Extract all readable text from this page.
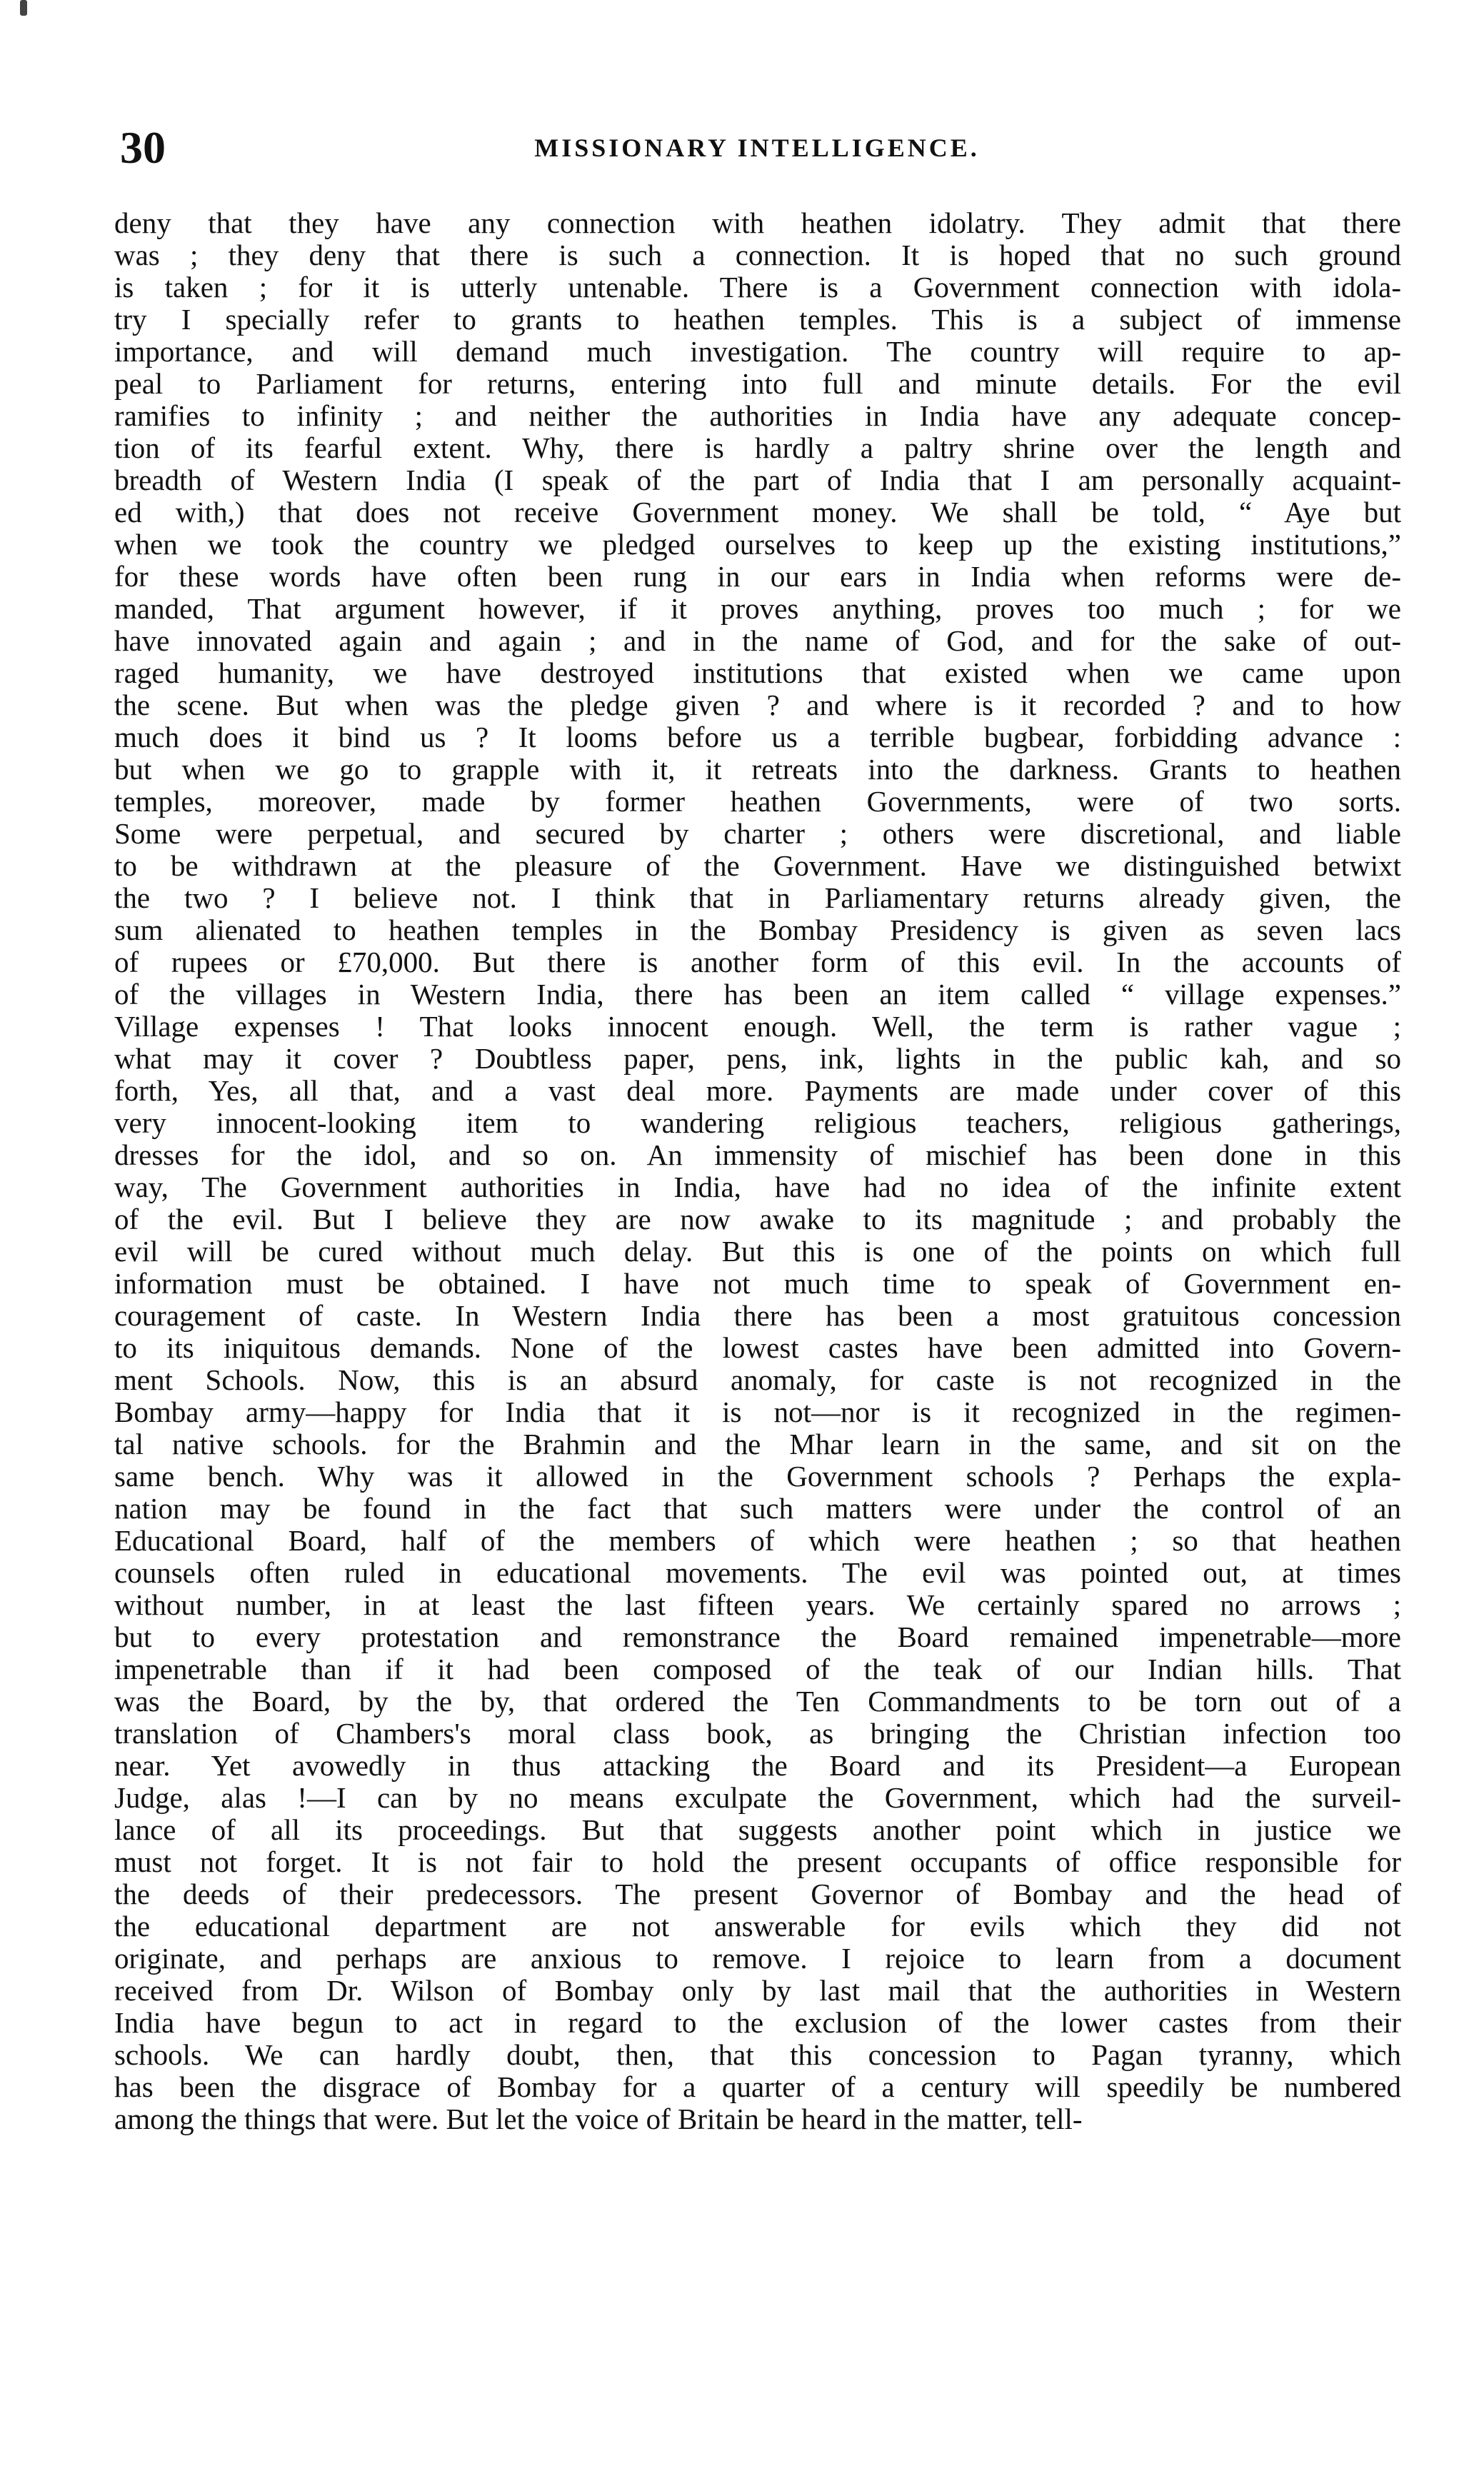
30	MISSIONARY INTELLIGENCE.
deny that they have any connection with heathen idolatry. They admit that there
was ; they deny that there is such a connection. It is hoped that no such ground
is taken ; for it is utterly untenable. There is a Government connection with idola-
try I specially refer to grants to heathen temples. This is a subject of immense
importance, and will demand much investigation. The country will require to ap-
peal to Parliament for returns, entering into full and minute details. For the evil
ramifies to infinity ; and neither the authorities in India have any adequate concep-
tion of its fearful extent. Why, there is hardly a paltry shrine over the length and
breadth of Western India (I speak of the part of India that I am personally acquaint-
ed with,) that does not receive Government money. We shall be told, “ Aye but
when we took the country we pledged ourselves to keep up the existing institutions,”
for these words have often been rung in our ears in India when reforms were de-
manded, That argument however, if it proves anything, proves too much ; for we
have innovated again and again ; and in the name of God, and for the sake of out-
raged humanity, we have destroyed institutions that existed when we came upon
the scene. But when was the pledge given ? and where is it recorded ? and to how
much does it bind us ? It looms before us a terrible bugbear, forbidding advance :
but when we go to grapple with it, it retreats into the darkness. Grants to heathen
temples, moreover, made by former heathen Governments, were of two sorts.
Some were perpetual, and secured by charter ; others were discretional, and liable
to be withdrawn at the pleasure of the Government. Have we distinguished betwixt
the two ? I believe not. I think that in Parliamentary returns already given, the
sum alienated to heathen temples in the Bombay Presidency is given as seven lacs
of rupees or £70,000. But there is another form of this evil. In the accounts of
of the villages in Western India, there has been an item called “ village expenses.”
Village expenses ! That looks innocent enough. Well, the term is rather vague ;
what may it cover ? Doubtless paper, pens, ink, lights in the public kah, and so
forth, Yes, all that, and a vast deal more. Payments are made under cover of this
very innocent-looking item to wandering religious teachers, religious gatherings,
dresses for the idol, and so on. An immensity of mischief has been done in this
way, The Government authorities in India, have had no idea of the infinite extent
of the evil. But I believe they are now awake to its magnitude ; and probably the
evil will be cured without much delay. But this is one of the points on which full
information must be obtained. I have not much time to speak of Government en-
couragement of caste. In Western India there has been a most gratuitous concession
to its iniquitous demands. None of the lowest castes have been admitted into Govern-
ment Schools. Now, this is an absurd anomaly, for caste is not recognized in the
Bombay army—happy for India that it is not—nor is it recognized in the regimen-
tal native schools. for the Brahmin and the Mhar learn in the same, and sit on the
same bench. Why was it allowed in the Government schools ? Perhaps the expla-
nation may be found in the fact that such matters were under the control of an
Educational Board, half of the members of which were heathen ; so that heathen
counsels often ruled in educational movements. The evil was pointed out, at times
without number, in at least the last fifteen years. We certainly spared no arrows ;
but to every protestation and remonstrance the Board remained impenetrable—more
impenetrable than if it had been composed of the teak of our Indian hills. That
was the Board, by the by, that ordered the Ten Commandments to be torn out of a
translation of Chambers's moral class book, as bringing the Christian infection too
near. Yet avowedly in thus attacking the Board and its President—a European
Judge, alas !—I can by no means exculpate the Government, which had the surveil-
lance of all its proceedings. But that suggests another point which in justice we
must not forget. It is not fair to hold the present occupants of office responsible for
the deeds of their predecessors. The present Governor of Bombay and the head of
the educational department are not answerable for evils which they did not
originate, and perhaps are anxious to remove. I rejoice to learn from a document
received from Dr. Wilson of Bombay only by last mail that the authorities in Western
India have begun to act in regard to the exclusion of the lower castes from their
schools. We can hardly doubt, then, that this concession to Pagan tyranny, which
has been the disgrace of Bombay for a quarter of a century will speedily be numbered
among the things that were. But let the voice of Britain be heard in the matter, tell-
